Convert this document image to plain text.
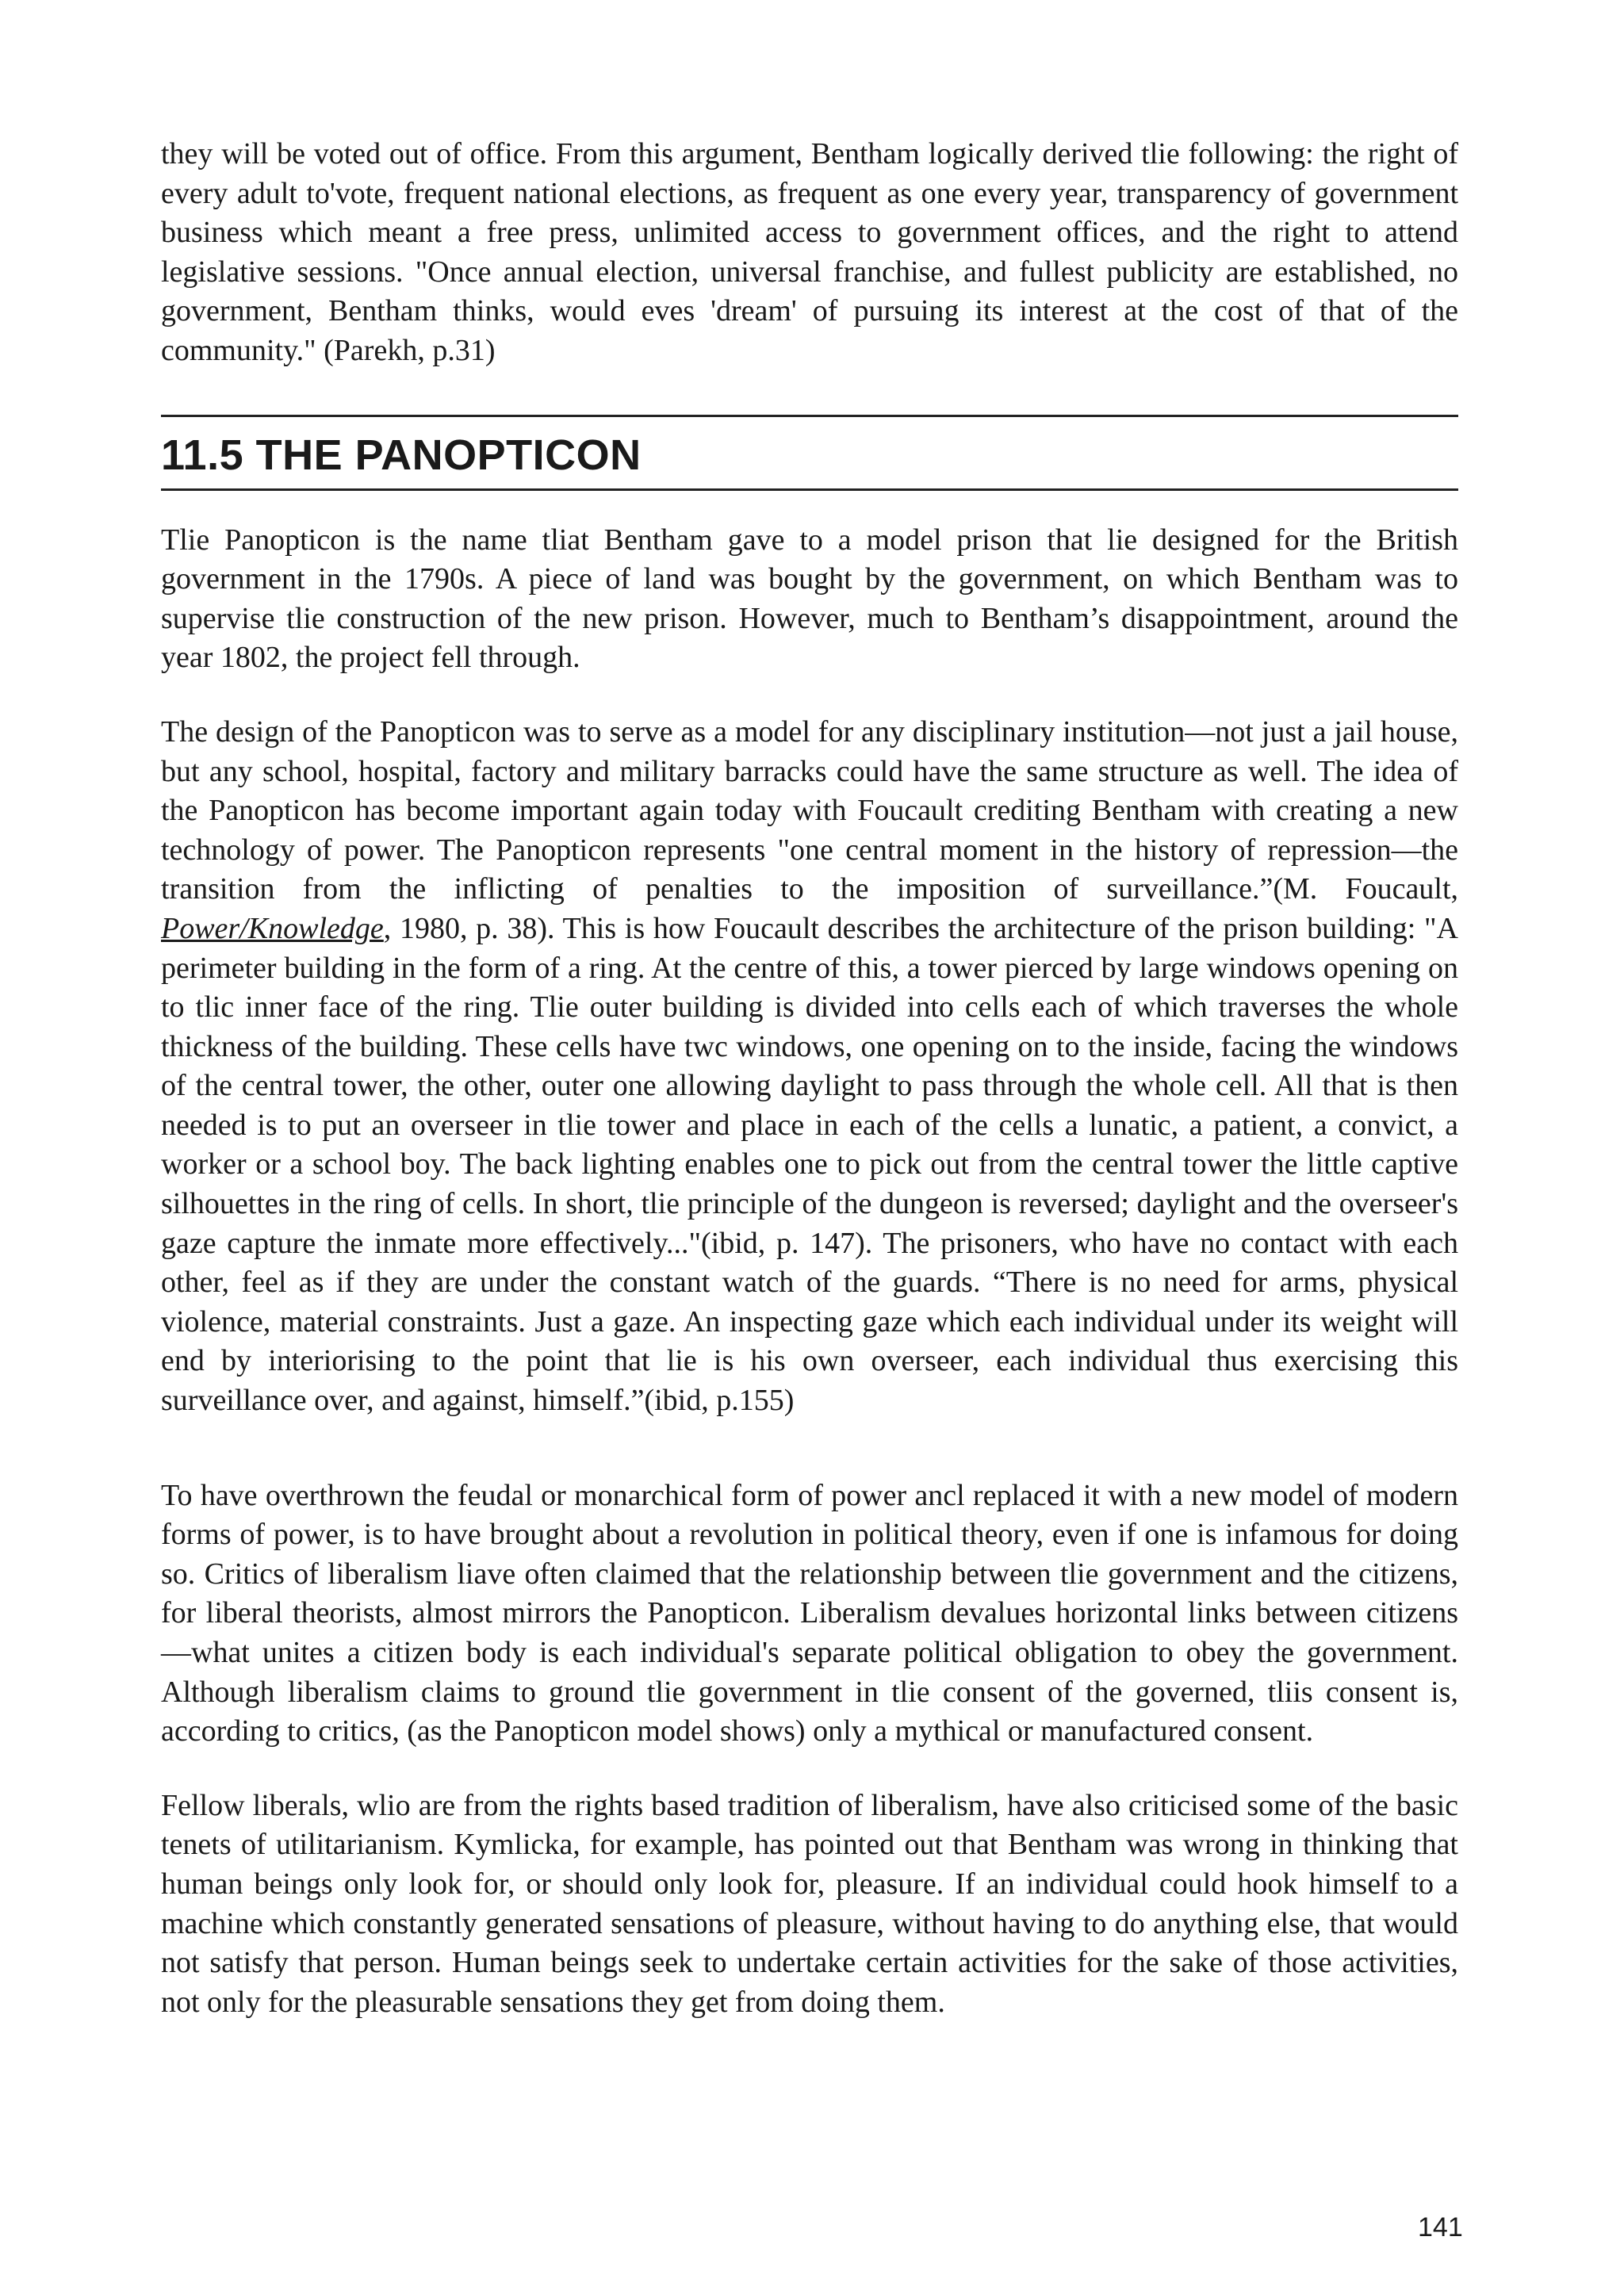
they will be voted out of office. From this argument, Bentham logically derived tlie following: the right of every adult to'vote, frequent national elections, as frequent as one every year, transparency of government business which meant a free press, unlimited access to government offices, and the right to attend legislative sessions. "Once annual election, universal franchise, and fullest publicity are established, no government, Bentham thinks, would eves 'dream' of pursuing its interest at the cost of that of the community." (Parekh, p.31)

11.5 THE PANOPTICON

Tlie Panopticon is the name tliat Bentham gave to a model prison that lie designed for the British government in the 1790s. A piece of land was bought by the government, on which Bentham was to supervise tlie construction of the new prison. However, much to Bentham’s disappointment, around the year 1802, the project fell through.

The design of the Panopticon was to serve as a model for any disciplinary institution—not just a jail house, but any school, hospital, factory and military barracks could have the same structure as well. The idea of the Panopticon has become important again today with Foucault crediting Bentham with creating a new technology of power. The Panopticon represents "one central moment in the history of repression—the transition from the inflicting of penalties to the imposition of surveillance.”(M. Foucault, Power/Knowledge, 1980, p. 38). This is how Foucault describes the architecture of the prison building: "A perimeter building in the form of a ring. At the centre of this, a tower pierced by large windows opening on to tlic inner face of the ring. Tlie outer building is divided into cells each of which traverses the whole thickness of the building. These cells have twc windows, one opening on to the inside, facing the windows of the central tower, the other, outer one allowing daylight to pass through the whole cell. All that is then needed is to put an overseer in tlie tower and place in each of the cells a lunatic, a patient, a convict, a worker or a school boy. The back lighting enables one to pick out from the central tower the little captive silhouettes in the ring of cells. In short, tlie principle of the dungeon is reversed; daylight and the overseer's gaze capture the inmate more effectively..."(ibid, p. 147). The prisoners, who have no contact with each other, feel as if they are under the constant watch of the guards. “There is no need for arms, physical violence, material constraints. Just a gaze. An inspecting gaze which each individual under its weight will end by interiorising to the point that lie is his own overseer, each individual thus exercising this surveillance over, and against, himself.”(ibid, p.155)

To have overthrown the feudal or monarchical form of power ancl replaced it with a new model of modern forms of power, is to have brought about a revolution in political theory, even if one is infamous for doing so. Critics of liberalism liave often claimed that the relationship between tlie government and the citizens, for liberal theorists, almost mirrors the Panopticon. Liberalism devalues horizontal links between citizens—what unites a citizen body is each individual's separate political obligation to obey the government. Although liberalism claims to ground tlie government in tlie consent of the governed, tliis consent is, according to critics, (as the Panopticon model shows) only a mythical or manufactured consent.

Fellow liberals, wlio are from the rights based tradition of liberalism, have also criticised some of the basic tenets of utilitarianism. Kymlicka, for example, has pointed out that Bentham was wrong in thinking that human beings only look for, or should only look for, pleasure. If an individual could hook himself to a machine which constantly generated sensations of pleasure, without having to do anything else, that would not satisfy that person. Human beings seek to undertake certain activities for the sake of those activities, not only for the pleasurable sensations they get from doing them.

141
